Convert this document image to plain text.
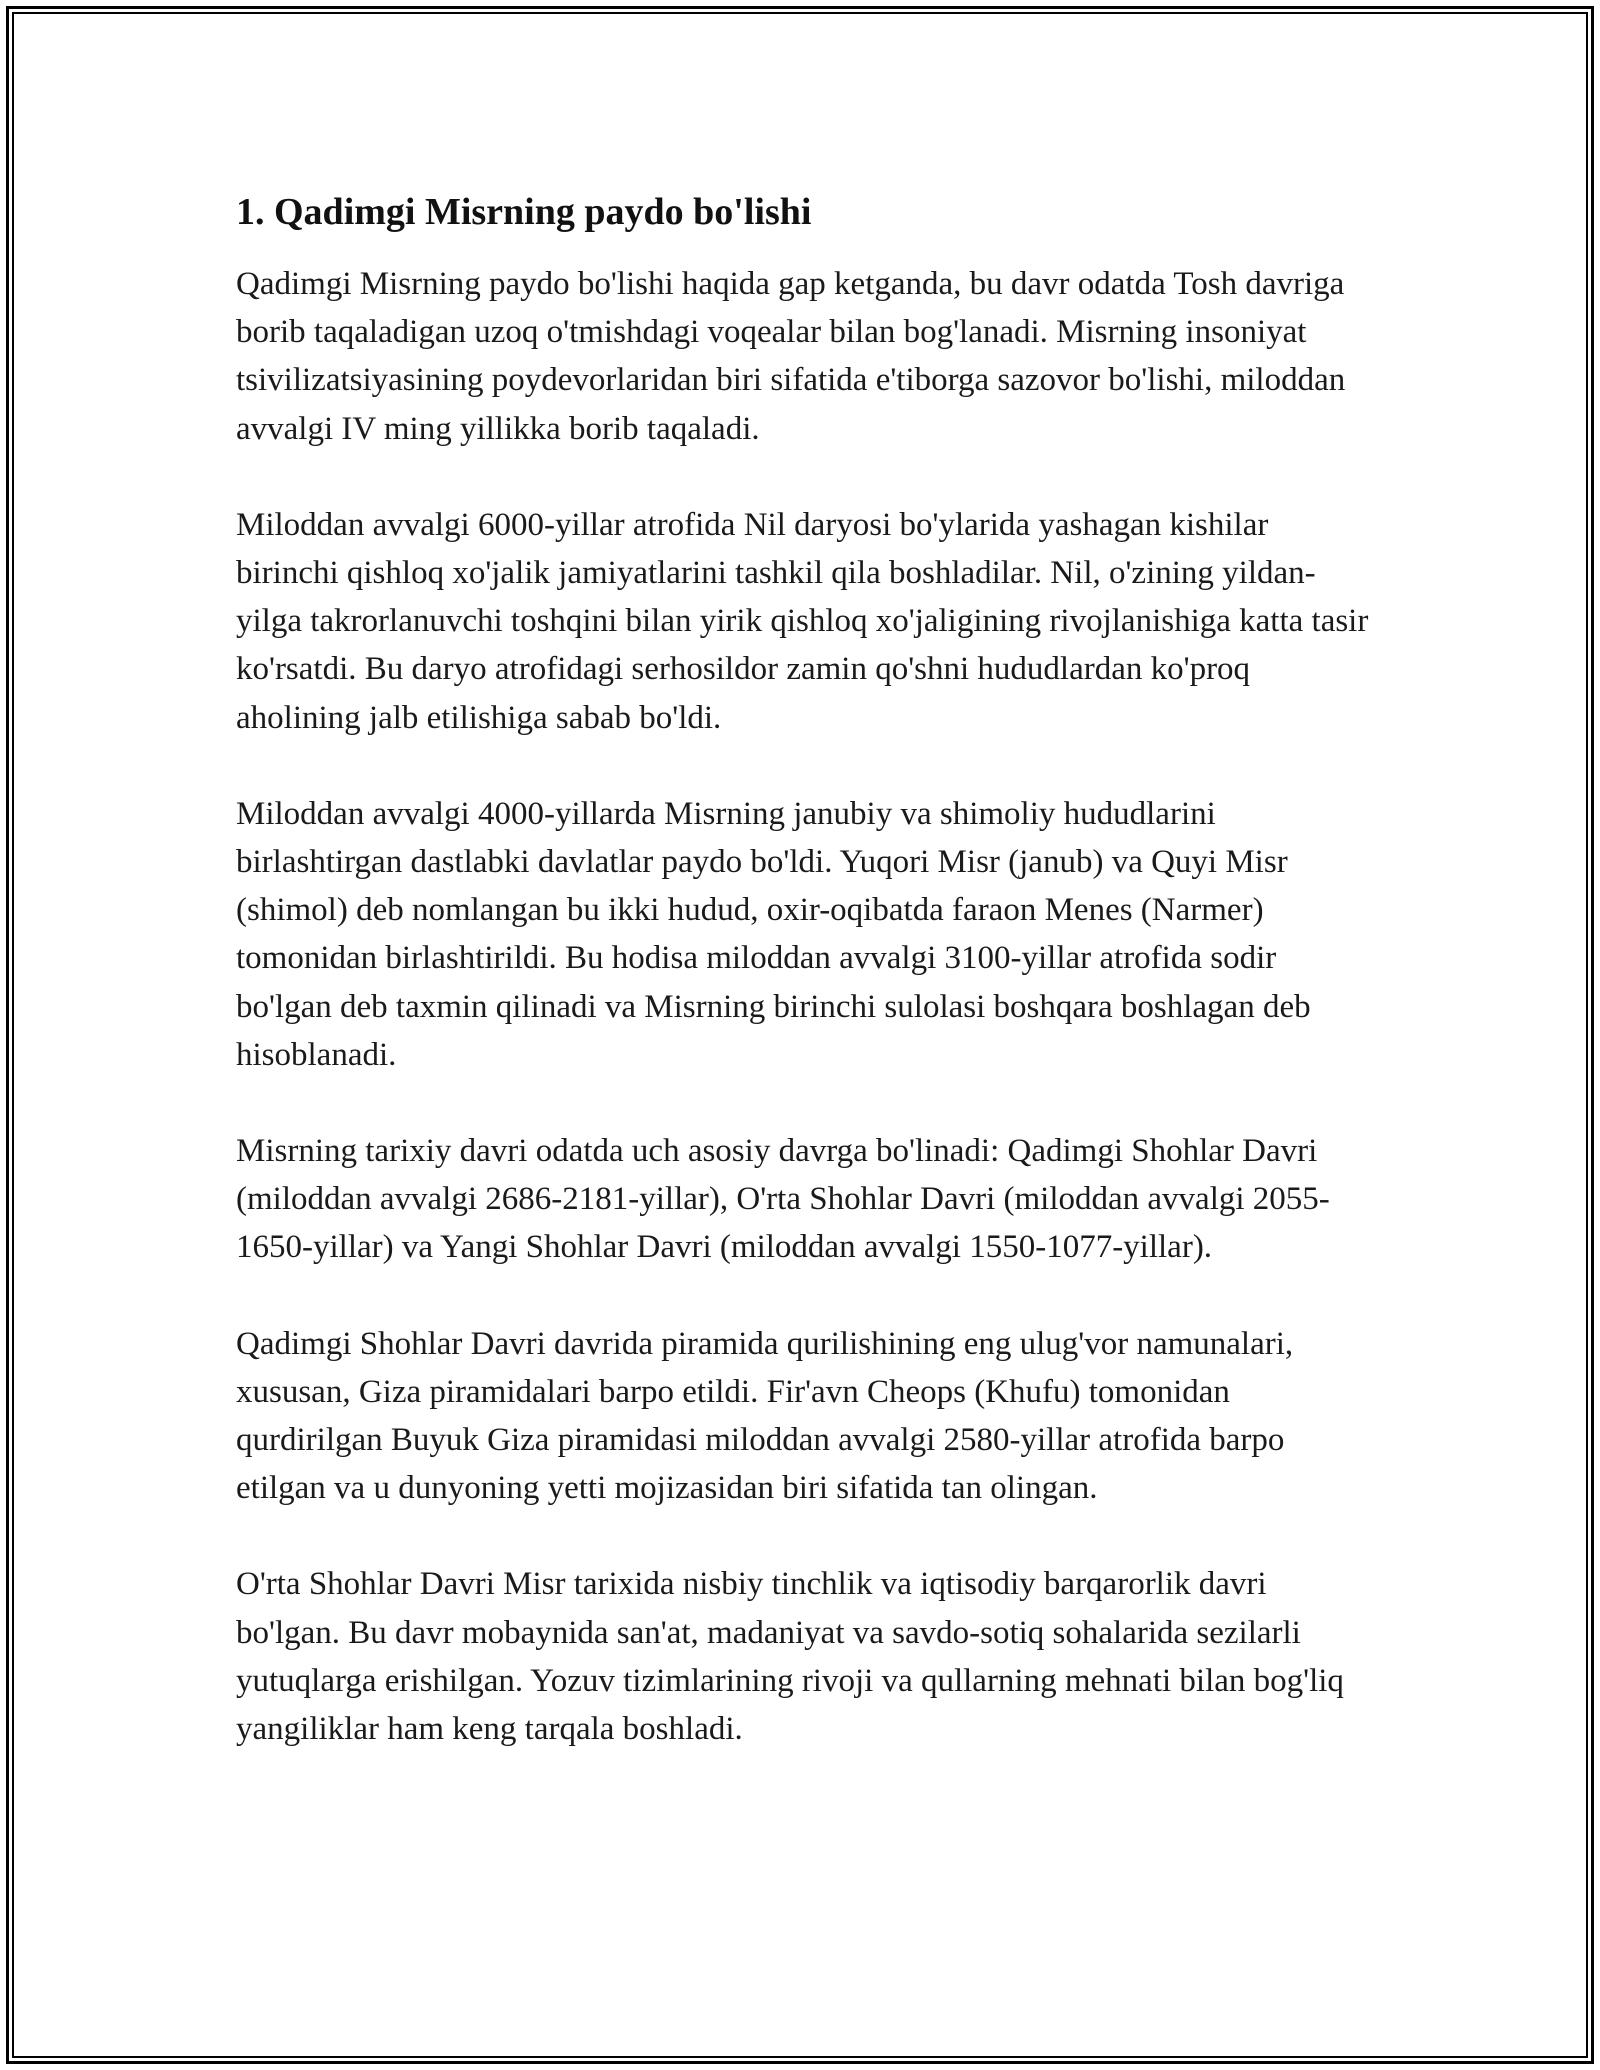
1. Qadimgi Misrning paydo bo'lishi

Qadimgi Misrning paydo bo'lishi haqida gap ketganda, bu davr odatda Tosh davriga borib taqaladigan uzoq o'tmishdagi voqealar bilan bog'lanadi. Misrning insoniyat tsivilizatsiyasining poydevorlaridan biri sifatida e'tiborga sazovor bo'lishi, miloddan avvalgi IV ming yillikka borib taqaladi.

Miloddan avvalgi 6000-yillar atrofida Nil daryosi bo'ylarida yashagan kishilar birinchi qishloq xo'jalik jamiyatlarini tashkil qila boshladilar. Nil, o'zining yildan-yilga takrorlanuvchi toshqini bilan yirik qishloq xo'jaligining rivojlanishiga katta tasir ko'rsatdi. Bu daryo atrofidagi serhosildor zamin qo'shni hududlardan ko'proq aholining jalb etilishiga sabab bo'ldi.

Miloddan avvalgi 4000-yillarda Misrning janubiy va shimoliy hududlarini birlashtirgan dastlabki davlatlar paydo bo'ldi. Yuqori Misr (janub) va Quyi Misr (shimol) deb nomlangan bu ikki hudud, oxir-oqibatda faraon Menes (Narmer) tomonidan birlashtirildi. Bu hodisa miloddan avvalgi 3100-yillar atrofida sodir bo'lgan deb taxmin qilinadi va Misrning birinchi sulolasi boshqara boshlagan deb hisoblanadi.

Misrning tarixiy davri odatda uch asosiy davrga bo'linadi: Qadimgi Shohlar Davri (miloddan avvalgi 2686-2181-yillar), O'rta Shohlar Davri (miloddan avvalgi 2055-1650-yillar) va Yangi Shohlar Davri (miloddan avvalgi 1550-1077-yillar).

Qadimgi Shohlar Davri davrida piramida qurilishining eng ulug'vor namunalari, xususan, Giza piramidalari barpo etildi. Fir'avn Cheops (Khufu) tomonidan qurdirilgan Buyuk Giza piramidasi miloddan avvalgi 2580-yillar atrofida barpo etilgan va u dunyoning yetti mojizasidan biri sifatida tan olingan.

O'rta Shohlar Davri Misr tarixida nisbiy tinchlik va iqtisodiy barqarorlik davri bo'lgan. Bu davr mobaynida san'at, madaniyat va savdo-sotiq sohalarida sezilarli yutuqlarga erishilgan. Yozuv tizimlarining rivoji va qullarning mehnati bilan bog'liq yangiliklar ham keng tarqala boshladi.
